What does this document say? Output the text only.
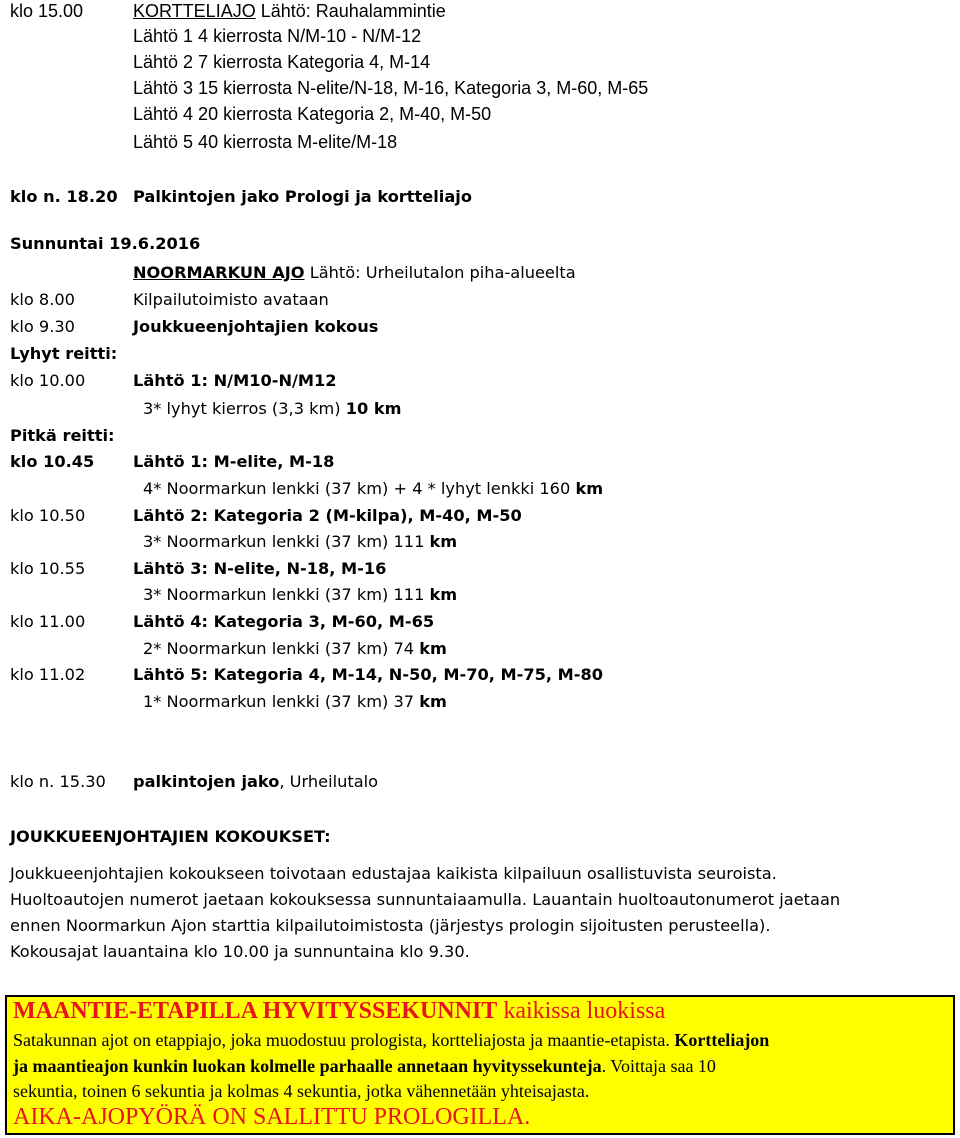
klo 15.00	KORTTELIAJO Lähtö: Rauhalammintie
Lähtö 1 4 kierrosta N/M-10 - N/M-12
Lähtö 2 7 kierrosta Kategoria 4, M-14
Lähtö 3 15 kierrosta N-elite/N-18, M-16, Kategoria 3, M-60, M-65
Lähtö 4 20 kierrosta Kategoria 2, M-40, M-50
Lähtö 5 40 kierrosta M-elite/M-18
klo n. 18.20 Palkintojen jako Prologi ja kortteliajo
Sunnuntai 19.6.2016
NOORMARKUN AJO Lähtö: Urheilutalon piha-alueelta
klo 8.00	Kilpailutoimisto avataan
klo 9.30	Joukkueenjohtajien kokous
Lyhyt reitti:
klo 10.00	Lähtö 1: N/M10-N/M12
3* lyhyt kierros (3,3 km) 10 km
Pitkä reitti:
klo 10.45 Lähtö 1: M-elite, M-18
4* Noormarkun lenkki (37 km) + 4 * lyhyt lenkki 160 km
klo 10.50	Lähtö 2: Kategoria 2 (M-kilpa), M-40, M-50
3* Noormarkun lenkki (37 km) 111 km
klo 10.55	Lähtö 3: N-elite, N-18, M-16
3* Noormarkun lenkki (37 km) 111 km
klo 11.00	Lähtö 4: Kategoria 3, M-60, M-65
2* Noormarkun lenkki (37 km) 74 km
klo 11.02	Lähtö 5: Kategoria 4, M-14, N-50, M-70, M-75, M-80
1* Noormarkun lenkki (37 km) 37 km
klo n. 15.30 palkintojen jako, Urheilutalo
JOUKKUEENJOHTAJIEN KOKOUKSET:
Joukkueenjohtajien kokoukseen toivotaan edustajaa kaikista kilpailuun osallistuvista seuroista.
Huoltoautojen numerot jaetaan kokouksessa sunnuntaiaamulla. Lauantain huoltoautonumerot jaetaan
ennen Noormarkun Ajon starttia kilpailutoimistosta (järjestys prologin sijoitusten perusteella).
Kokousajat lauantaina klo 10.00 ja sunnuntaina klo 9.30.
MAANTIE-ETAPILLA HYVITYSSEKUNNIT kaikissa luokissa
Satakunnan ajot on etappiajo, joka muodostuu prologista, kortteliajosta ja maantie-etapista. Kortteliajon
ja maantieajon kunkin luokan kolmelle parhaalle annetaan hyvityssekunteja. Voittaja saa 10
sekuntia, toinen 6 sekuntia ja kolmas 4 sekuntia, jotka vähennetään yhteisajasta.
AIKA-AJOPYÖRÄ ON SALLITTU PROLOGILLA.
